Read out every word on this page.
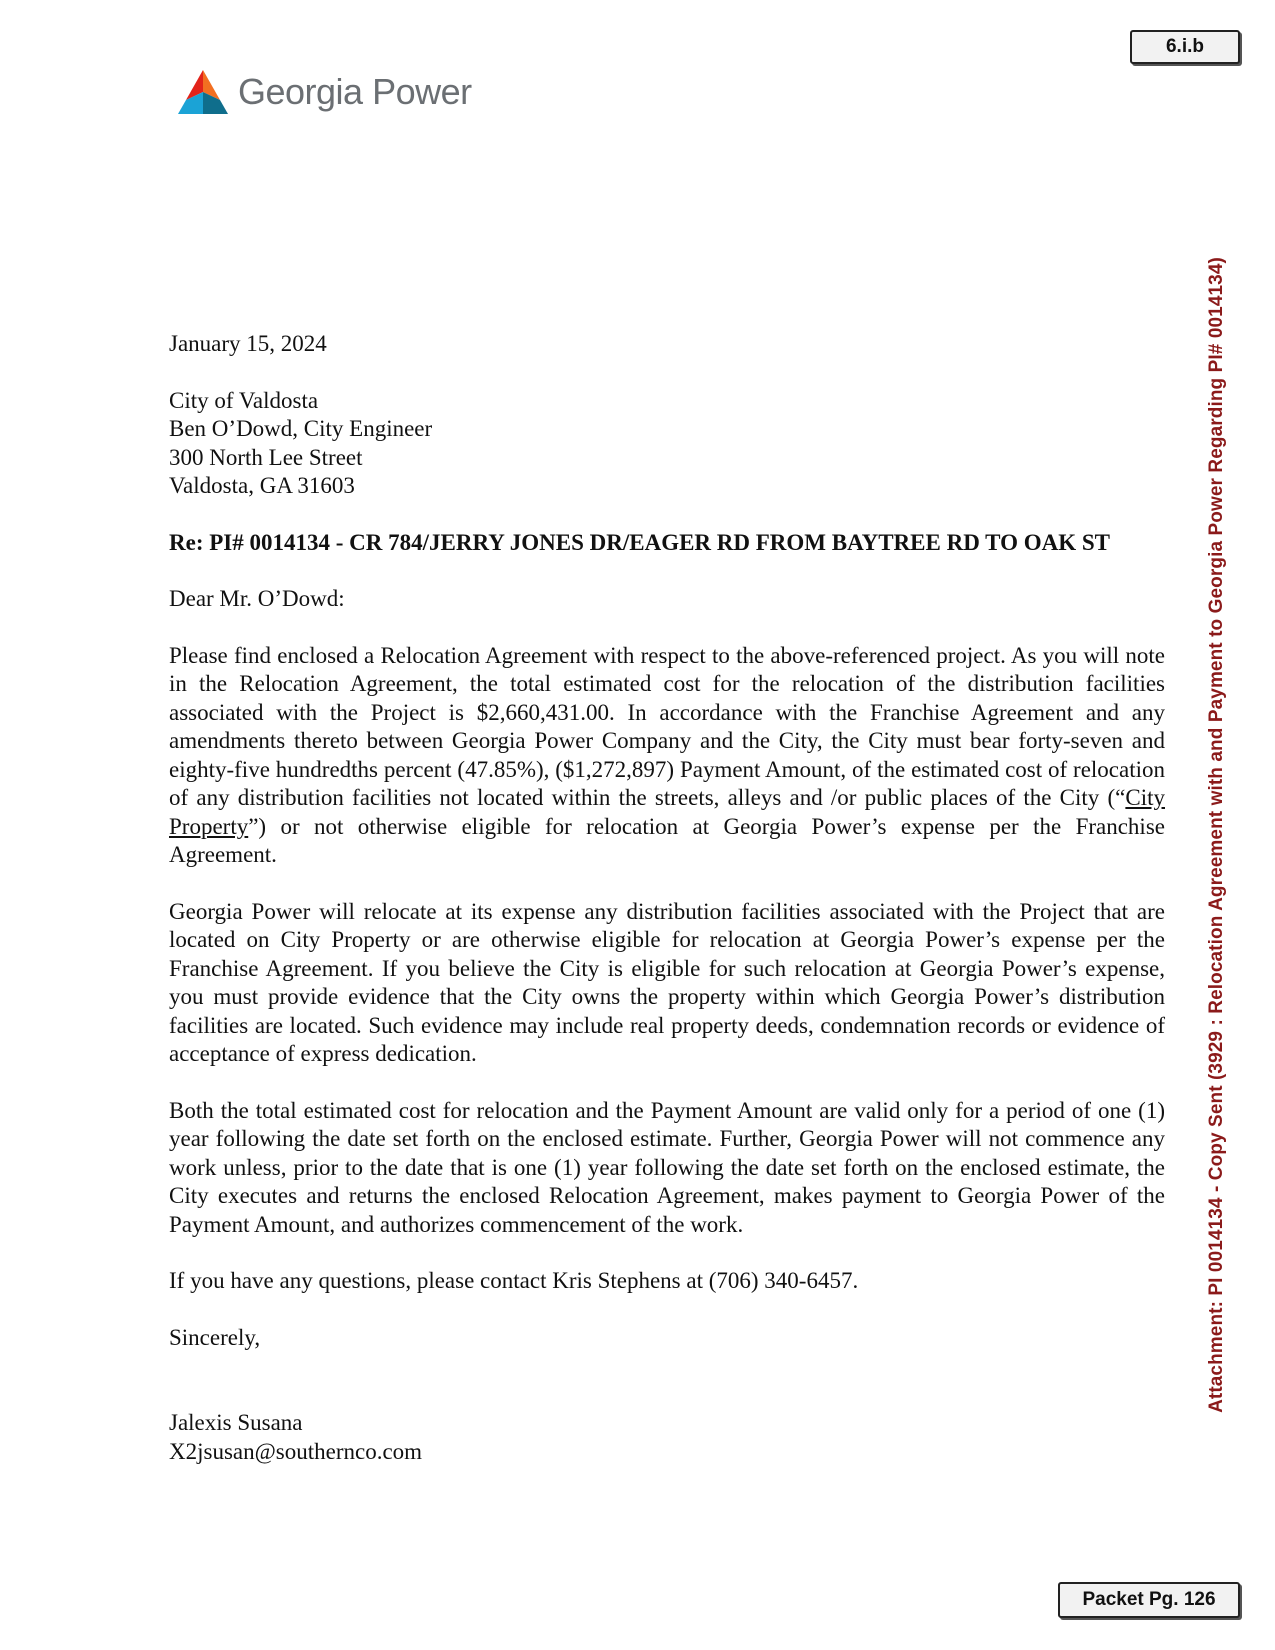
6.i.b
Georgia Power

January 15, 2024

City of Valdosta

Ben O’Dowd, City Engineer

300 North Lee Street

Valdosta, GA 31603

Re: PI# 0014134 - CR 784/JERRY JONES DR/EAGER RD FROM BAYTREE RD TO OAK ST

Dear Mr. O’Dowd:

Please find enclosed a Relocation Agreement with respect to the above-referenced project. As you will note in the Relocation Agreement, the total estimated cost for the relocation of the distribution facilities associated with the Project is $2,660,431.00. In accordance with the Franchise Agreement and any amendments thereto between Georgia Power Company and the City, the City must bear forty-seven and eighty-five hundredths percent (47.85%), ($1,272,897) Payment Amount, of the estimated cost of relocation of any distribution facilities not located within the streets, alleys and /or public places of the City (“City Property”) or not otherwise eligible for relocation at Georgia Power’s expense per the Franchise Agreement.

Georgia Power will relocate at its expense any distribution facilities associated with the Project that are located on City Property or are otherwise eligible for relocation at Georgia Power’s expense per the Franchise Agreement. If you believe the City is eligible for such relocation at Georgia Power’s expense, you must provide evidence that the City owns the property within which Georgia Power’s distribution facilities are located. Such evidence may include real property deeds, condemnation records or evidence of acceptance of express dedication.

Both the total estimated cost for relocation and the Payment Amount are valid only for a period of one (1) year following the date set forth on the enclosed estimate. Further, Georgia Power will not commence any work unless, prior to the date that is one (1) year following the date set forth on the enclosed estimate, the City executes and returns the enclosed Relocation Agreement, makes payment to Georgia Power of the Payment Amount, and authorizes commencement of the work.

If you have any questions, please contact Kris Stephens at (706) 340-6457.

Sincerely,

Jalexis Susana

X2jsusan@southernco.com

Attachment: PI 0014134 - Copy Sent (3929 : Relocation Agreement with and Payment to Georgia Power Regarding PI# 0014134)
Packet Pg. 126
